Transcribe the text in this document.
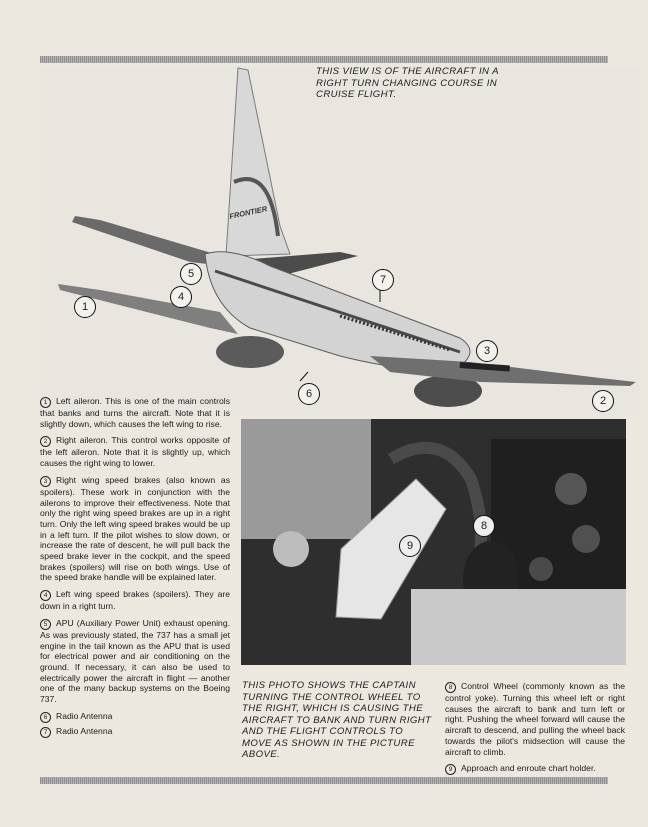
FRONTIER
THIS VIEW IS OF THE AIRCRAFT IN A RIGHT TURN CHANGING COURSE IN CRUISE FLIGHT.
1
2
3
4
5
6
7
8
9
THIS PHOTO SHOWS THE CAPTAIN TURNING THE CONTROL WHEEL TO THE RIGHT, WHICH IS CAUSING THE AIRCRAFT TO BANK AND TURN RIGHT AND THE FLIGHT CONTROLS TO MOVE AS SHOWN IN THE PICTURE ABOVE.

1 Left aileron. This is one of the main controls that banks and turns the aircraft. Note that it is slightly down, which causes the left wing to rise.

2 Right aileron. This control works opposite of the left aileron. Note that it is slightly up, which causes the right wing to lower.

3 Right wing speed brakes (also known as spoilers). These work in conjunction with the ailerons to improve their effectiveness. Note that only the right wing speed brakes are up in a right turn. Only the left wing speed brakes would be up in a left turn. If the pilot wishes to slow down, or increase the rate of descent, he will pull back the speed brake lever in the cockpit, and the speed brakes (spoilers) will rise on both wings. Use of the speed brake handle will be explained later.

4 Left wing speed brakes (spoilers). They are down in a right turn.

5 APU (Auxiliary Power Unit) exhaust opening. As was previously stated, the 737 has a small jet engine in the tail known as the APU that is used for electrical power and air conditioning on the ground. If necessary, it can also be used to electrically power the aircraft in flight — another one of the many backup systems on the Boeing 737.

6 Radio Antenna

7 Radio Antenna

8 Control Wheel (commonly known as the control yoke). Turning this wheel left or right causes the aircraft to bank and turn left or right. Pushing the wheel forward will cause the aircraft to descend, and pulling the wheel back towards the pilot's midsection will cause the aircraft to climb.

9 Approach and enroute chart holder.
